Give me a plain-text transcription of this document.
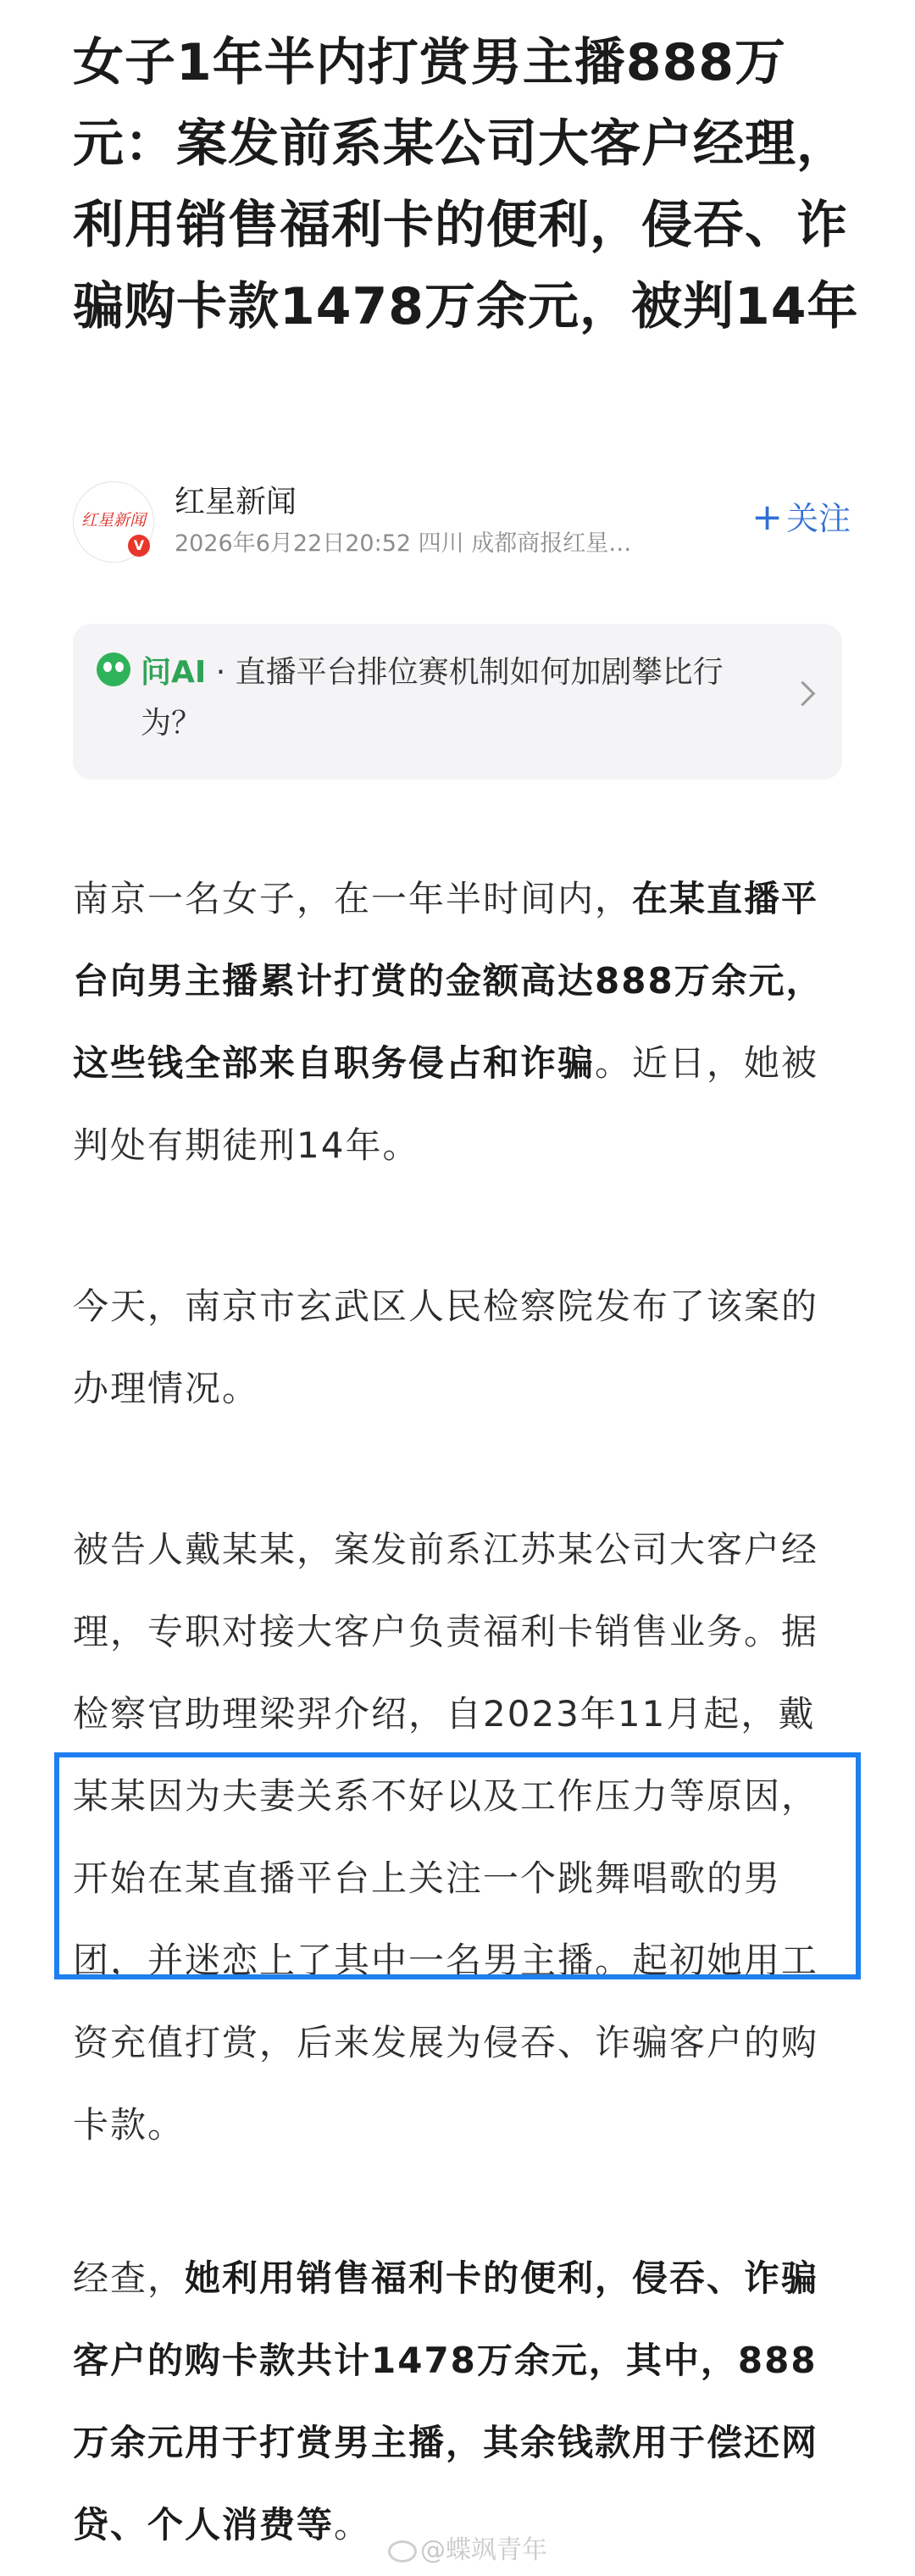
女子1年半内打赏男主播888万元：案发前系某公司大客户经理，利用销售福利卡的便利，侵吞、诈骗购卡款1478万余元，被判14年
红星新闻
V
红星新闻
2026年6月22日20:52 四川 成都商报红星…
+ 关注
问AI · 直播平台排位赛机制如何加剧攀比行为？

南京一名女子，在一年半时间内，在某直播平台向男主播累计打赏的金额高达888万余元，这些钱全部来自职务侵占和诈骗。近日，她被判处有期徒刑14年。

今天，南京市玄武区人民检察院发布了该案的办理情况。

被告人戴某某，案发前系江苏某公司大客户经理，专职对接大客户负责福利卡销售业务。据检察官助理梁羿介绍，自2023年11月起，戴某某因为夫妻关系不好以及工作压力等原因，开始在某直播平台上关注一个跳舞唱歌的男团，并迷恋上了其中一名男主播。起初她用工资充值打赏，后来发展为侵吞、诈骗客户的购卡款。

经查，她利用销售福利卡的便利，侵吞、诈骗客户的购卡款共计1478万余元，其中，888万余元用于打赏男主播，其余钱款用于偿还网贷、个人消费等。

@蝶飒青年
